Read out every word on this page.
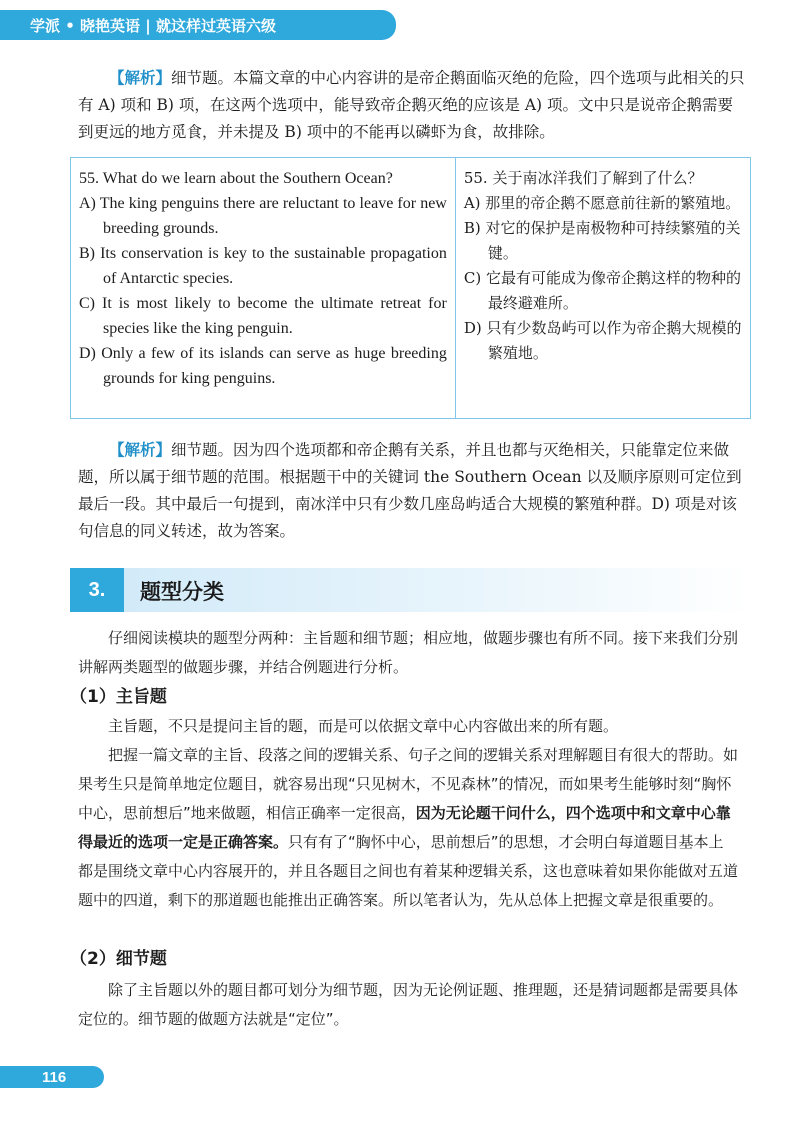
学派 • 晓艳英语 | 就这样过英语六级
【解析】细节题。本篇文章的中心内容讲的是帝企鹅面临灭绝的危险，四个选项与此相关的只有 A) 项和 B) 项，在这两个选项中，能导致帝企鹅灭绝的应该是 A) 项。文中只是说帝企鹅需要到更远的地方觅食，并未提及 B) 项中的不能再以磷虾为食，故排除。

55. What do we learn about the Southern Ocean?

A) The king penguins there are reluctant to leave for new breeding grounds.

B) Its conservation is key to the sustainable propagation of Antarctic species.

C) It is most likely to become the ultimate retreat for species like the king penguin.

D) Only a few of its islands can serve as huge breeding grounds for king penguins.

55. 关于南冰洋我们了解到了什么？

A) 那里的帝企鹅不愿意前往新的繁殖地。

B) 对它的保护是南极物种可持续繁殖的关键。

C) 它最有可能成为像帝企鹅这样的物种的最终避难所。

D) 只有少数岛屿可以作为帝企鹅大规模的繁殖地。

【解析】细节题。因为四个选项都和帝企鹅有关系，并且也都与灭绝相关，只能靠定位来做题，所以属于细节题的范围。根据题干中的关键词 the Southern Ocean 以及顺序原则可定位到最后一段。其中最后一句提到，南冰洋中只有少数几座岛屿适合大规模的繁殖种群。D) 项是对该句信息的同义转述，故为答案。
3.	题型分类
仔细阅读模块的题型分两种：主旨题和细节题；相应地，做题步骤也有所不同。接下来我们分别讲解两类题型的做题步骤，并结合例题进行分析。
（1）主旨题
主旨题，不只是提问主旨的题，而是可以依据文章中心内容做出来的所有题。
把握一篇文章的主旨、段落之间的逻辑关系、句子之间的逻辑关系对理解题目有很大的帮助。如果考生只是简单地定位题目，就容易出现“只见树木，不见森林”的情况，而如果考生能够时刻“胸怀中心，思前想后”地来做题，相信正确率一定很高，因为无论题干问什么，四个选项中和文章中心靠得最近的选项一定是正确答案。只有有了“胸怀中心，思前想后”的思想，才会明白每道题目基本上都是围绕文章中心内容展开的，并且各题目之间也有着某种逻辑关系，这也意味着如果你能做对五道题中的四道，剩下的那道题也能推出正确答案。所以笔者认为，先从总体上把握文章是很重要的。
（2）细节题
除了主旨题以外的题目都可划分为细节题，因为无论例证题、推理题，还是猜词题都是需要具体定位的。细节题的做题方法就是“定位”。
116
